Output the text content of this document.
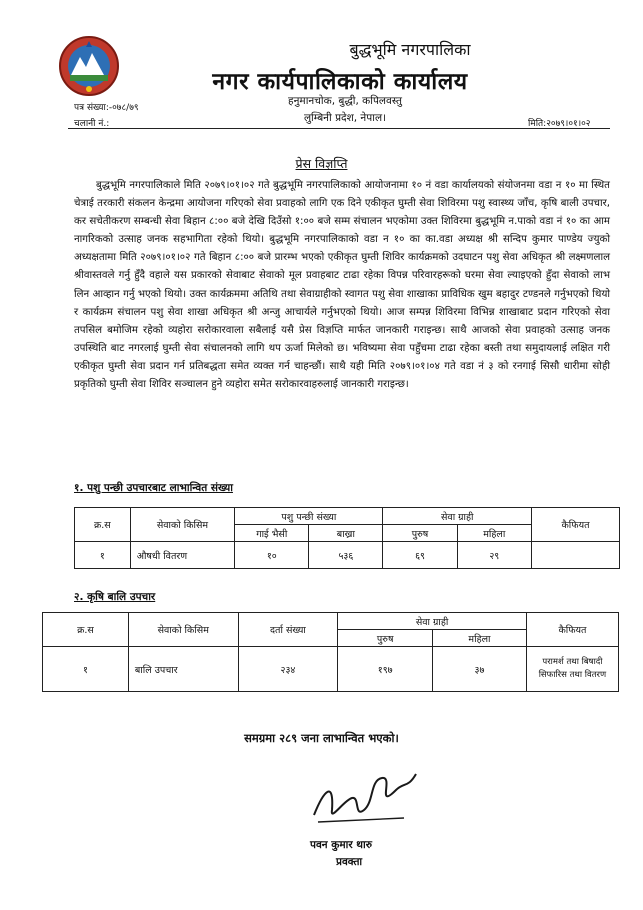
बुद्धभूमि नगरपालिका
नगर कार्यपालिकाको कार्यालय
हनुमानचोक, बुद्धी, कपिलवस्तु
लुम्बिनी प्रदेश, नेपाल।
पत्र संख्या:-०७८/७९
चलानी नं.:	मिति:२०७९।०१।०२
प्रेस विज्ञप्ति
बुद्धभूमि नगरपालिकाले मिति २०७९।०१।०२ गते बुद्धभूमि नगरपालिकाको आयोजनामा १० नं वडा कार्यालयको संयोजनमा वडा न १० मा स्थित चेत्राई तरकारी संकलन केन्द्रमा आयोजना गरिएको सेवा प्रवाहको लागि एक दिने एकीकृत घुम्ती सेवा शिविरमा पशु स्वास्थ्य जाँच, कृषि बाली उपचार, कर सचेतीकरण सम्बन्धी सेवा बिहान ८:०० बजे देखि दिउँसो १:०० बजे सम्म संचालन भएकोमा उक्त शिविरमा बुद्धभूमि न.पाको वडा नं १० का आम नागरिकको उत्साह जनक सहभागिता रहेको थियो। बुद्धभूमि नगरपालिकाको वडा न १० का का.वडा अध्यक्ष श्री सन्दिप कुमार पाण्डेय ज्युको अध्यक्षतामा मिति २०७९।०१।०२ गते बिहान ८:०० बजे प्रारम्भ भएको एकीकृत घुम्ती शिविर कार्यक्रमको उदघाटन पशु सेवा अधिकृत श्री लक्ष्मणलाल श्रीवास्तवले गर्नु हुँदै वहाले यस प्रकारको सेवाबाट सेवाको मूल प्रवाहबाट टाढा रहेका विपन्न परिवारहरूको घरमा सेवा ल्याइएको हुँदा सेवाको लाभ लिन आव्हान गर्नु भएको थियो। उक्त कार्यक्रममा अतिथि तथा सेवाग्राहीको स्वागत पशु सेवा शाखाका प्राविधिक खुम बहादुर टण्डनले गर्नुभएको थियो र कार्यक्रम संचालन पशु सेवा शाखा अधिकृत श्री अन्जु आचार्यले गर्नुभएको थियो। आज सम्पन्न शिविरमा विभिन्न शाखाबाट प्रदान गरिएको सेवा तपसिल बमोजिम रहेको व्यहोरा सरोकारवाला सबैलाई यसै प्रेस विज्ञप्ति मार्फत जानकारी गराइन्छ। साथै आजको सेवा प्रवाहको उत्साह जनक उपस्थिति बाट नगरलाई घुम्ती सेवा संचालनको लागि थप ऊर्जा मिलेको छ। भविष्यमा सेवा पहुँचमा टाढा रहेका बस्ती तथा समुदायलाई लक्षित गरी एकीकृत घुम्ती सेवा प्रदान गर्न प्रतिबद्धता समेत व्यक्त गर्न चाहन्छौं। साथै यही मिति २०७९।०१।०४ गते वडा नं ३ को रनगाई सिसौ धारीमा सोही प्रकृतिको घुम्ती सेवा शिविर सञ्चालन हुने व्यहोरा समेत सरोकारवाहरुलाई जानकारी गराइन्छ।
१. पशु पन्छी उपचारबाट लाभान्वित संख्या
क्र.स	सेवाको किसिम	पशु पन्छी संख्या		सेवा ग्राही		कैफियत
		गाई भैसी	बाख्रा	पुरुष	महिला	
१	औषधी वितरण	१०	५३६	६९	२९	
२. कृषि बालि उपचार
क्र.स	सेवाको किसिम	दर्ता संख्या	सेवा ग्राही		कैफियत
			पुरुष	महिला	
१	बालि उपचार	२३४	१९७	३७	परामर्श तथा बिषादी सिफारिस तथा वितरण
समग्रमा २८९ जना लाभान्वित भएको।
पवन कुमार थारु
प्रवक्ता
